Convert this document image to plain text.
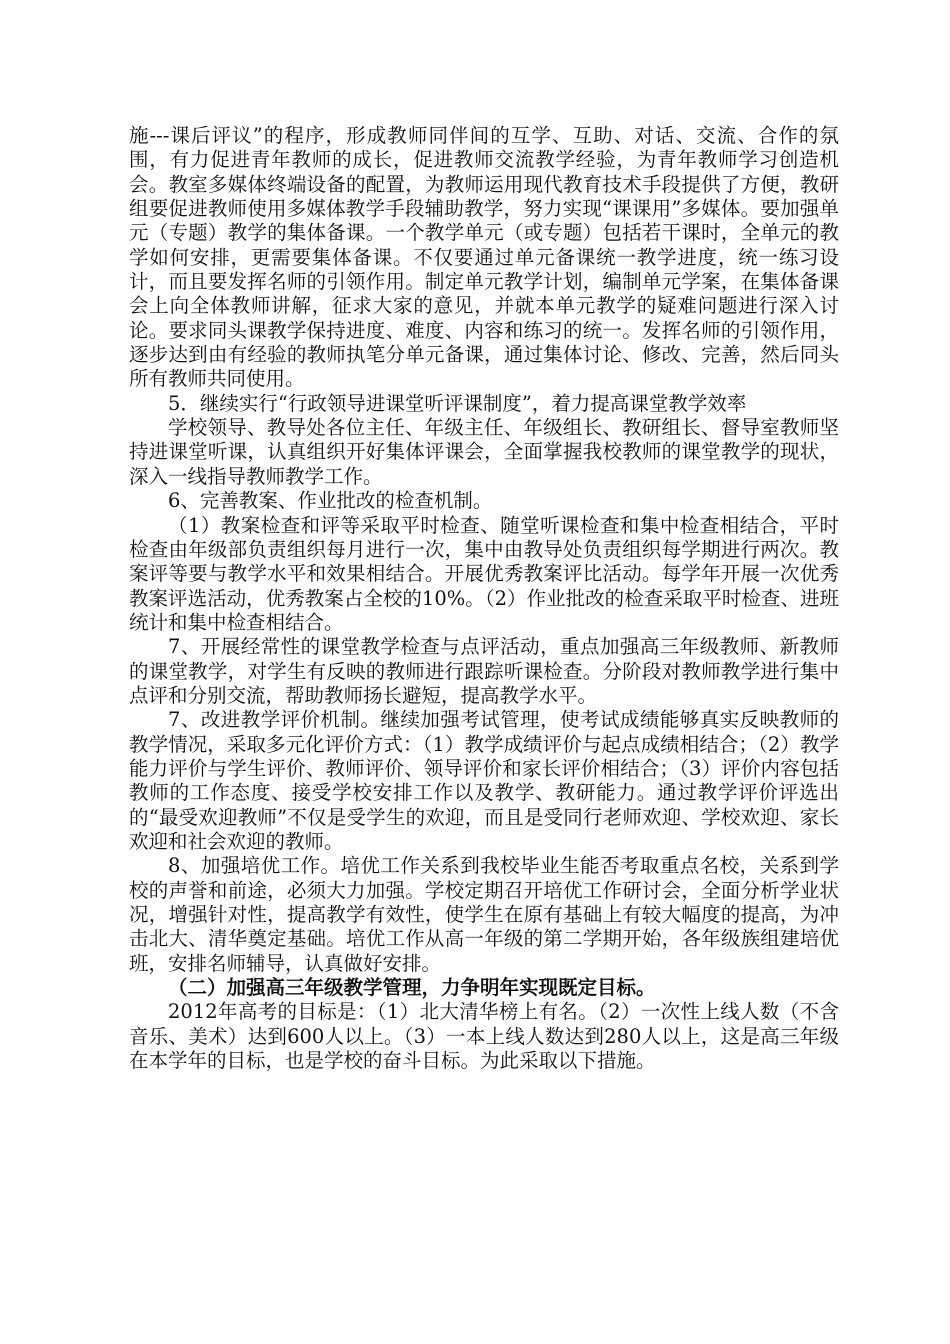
施---课后评议”的程序，形成教师同伴间的互学、互助、对话、交流、合作的氛围，有力促进青年教师的成长，促进教师交流教学经验，为青年教师学习创造机会。教室多媒体终端设备的配置，为教师运用现代教育技术手段提供了方便，教研组要促进教师使用多媒体教学手段辅助教学，努力实现“课课用”多媒体。要加强单元（专题）教学的集体备课。一个教学单元（或专题）包括若干课时，全单元的教学如何安排，更需要集体备课。不仅要通过单元备课统一教学进度，统一练习设计，而且要发挥名师的引领作用。制定单元教学计划，编制单元学案，在集体备课会上向全体教师讲解，征求大家的意见，并就本单元教学的疑难问题进行深入讨论。要求同头课教学保持进度、难度、内容和练习的统一。发挥名师的引领作用，逐步达到由有经验的教师执笔分单元备课，通过集体讨论、修改、完善，然后同头所有教师共同使用。

5．继续实行“行政领导进课堂听评课制度”，着力提高课堂教学效率

学校领导、教导处各位主任、年级主任、年级组长、教研组长、督导室教师坚持进课堂听课，认真组织开好集体评课会，全面掌握我校教师的课堂教学的现状，深入一线指导教师教学工作。

6、完善教案、作业批改的检查机制。

（1）教案检查和评等采取平时检查、随堂听课检查和集中检查相结合，平时检查由年级部负责组织每月进行一次，集中由教导处负责组织每学期进行两次。教案评等要与教学水平和效果相结合。开展优秀教案评比活动。每学年开展一次优秀教案评选活动，优秀教案占全校的10%。（2）作业批改的检查采取平时检查、进班统计和集中检查相结合。

7、开展经常性的课堂教学检查与点评活动，重点加强高三年级教师、新教师的课堂教学，对学生有反映的教师进行跟踪听课检查。分阶段对教师教学进行集中点评和分别交流，帮助教师扬长避短，提高教学水平。

7、改进教学评价机制。继续加强考试管理，使考试成绩能够真实反映教师的教学情况，采取多元化评价方式：（1）教学成绩评价与起点成绩相结合；（2）教学能力评价与学生评价、教师评价、领导评价和家长评价相结合；（3）评价内容包括教师的工作态度、接受学校安排工作以及教学、教研能力。通过教学评价评选出的“最受欢迎教师”不仅是受学生的欢迎，而且是受同行老师欢迎、学校欢迎、家长欢迎和社会欢迎的教师。

8、加强培优工作。培优工作关系到我校毕业生能否考取重点名校，关系到学校的声誉和前途，必须大力加强。学校定期召开培优工作研讨会，全面分析学业状况，增强针对性，提高教学有效性，使学生在原有基础上有较大幅度的提高，为冲击北大、清华奠定基础。培优工作从高一年级的第二学期开始，各年级族组建培优班，安排名师辅导，认真做好安排。

（二）加强高三年级教学管理，力争明年实现既定目标。

2012年高考的目标是：（1）北大清华榜上有名。（2）一次性上线人数（不含音乐、美术）达到600人以上。（3）一本上线人数达到280人以上，这是高三年级在本学年的目标，也是学校的奋斗目标。为此采取以下措施。
